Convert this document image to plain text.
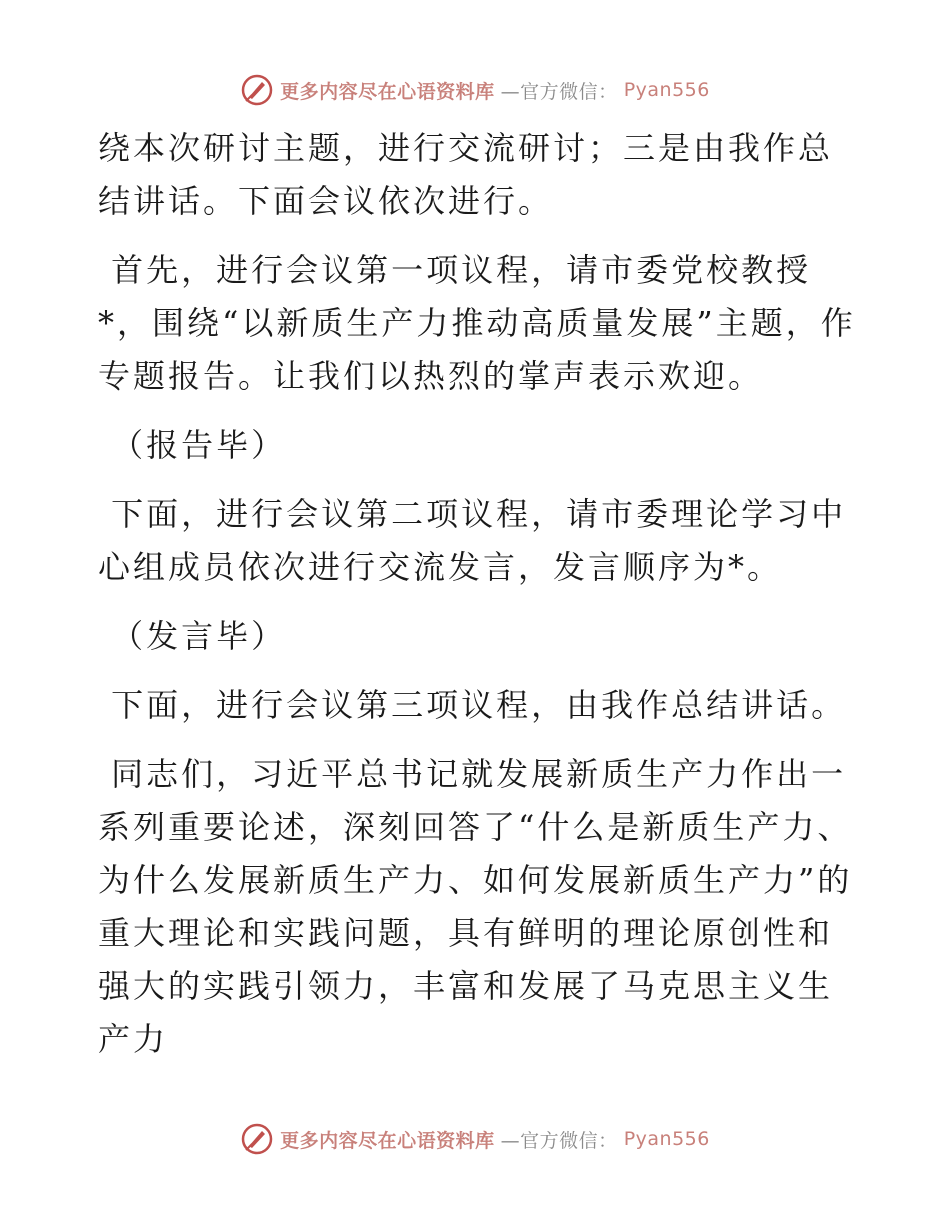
更多内容尽在心语资料库 —官方微信： Pyan556

绕本次研讨主题，进行交流研讨；三是由我作总结讲话。下面会议依次进行。

首先，进行会议第一项议程，请市委党校教授*，围绕“以新质生产力推动高质量发展”主题，作专题报告。让我们以热烈的掌声表示欢迎。

（报告毕）

下面，进行会议第二项议程，请市委理论学习中心组成员依次进行交流发言，发言顺序为*。

（发言毕）

下面，进行会议第三项议程，由我作总结讲话。

同志们，习近平总书记就发展新质生产力作出一系列重要论述，深刻回答了“什么是新质生产力、为什么发展新质生产力、如何发展新质生产力”的重大理论和实践问题，具有鲜明的理论原创性和强大的实践引领力，丰富和发展了马克思主义生产力

更多内容尽在心语资料库 —官方微信： Pyan556
